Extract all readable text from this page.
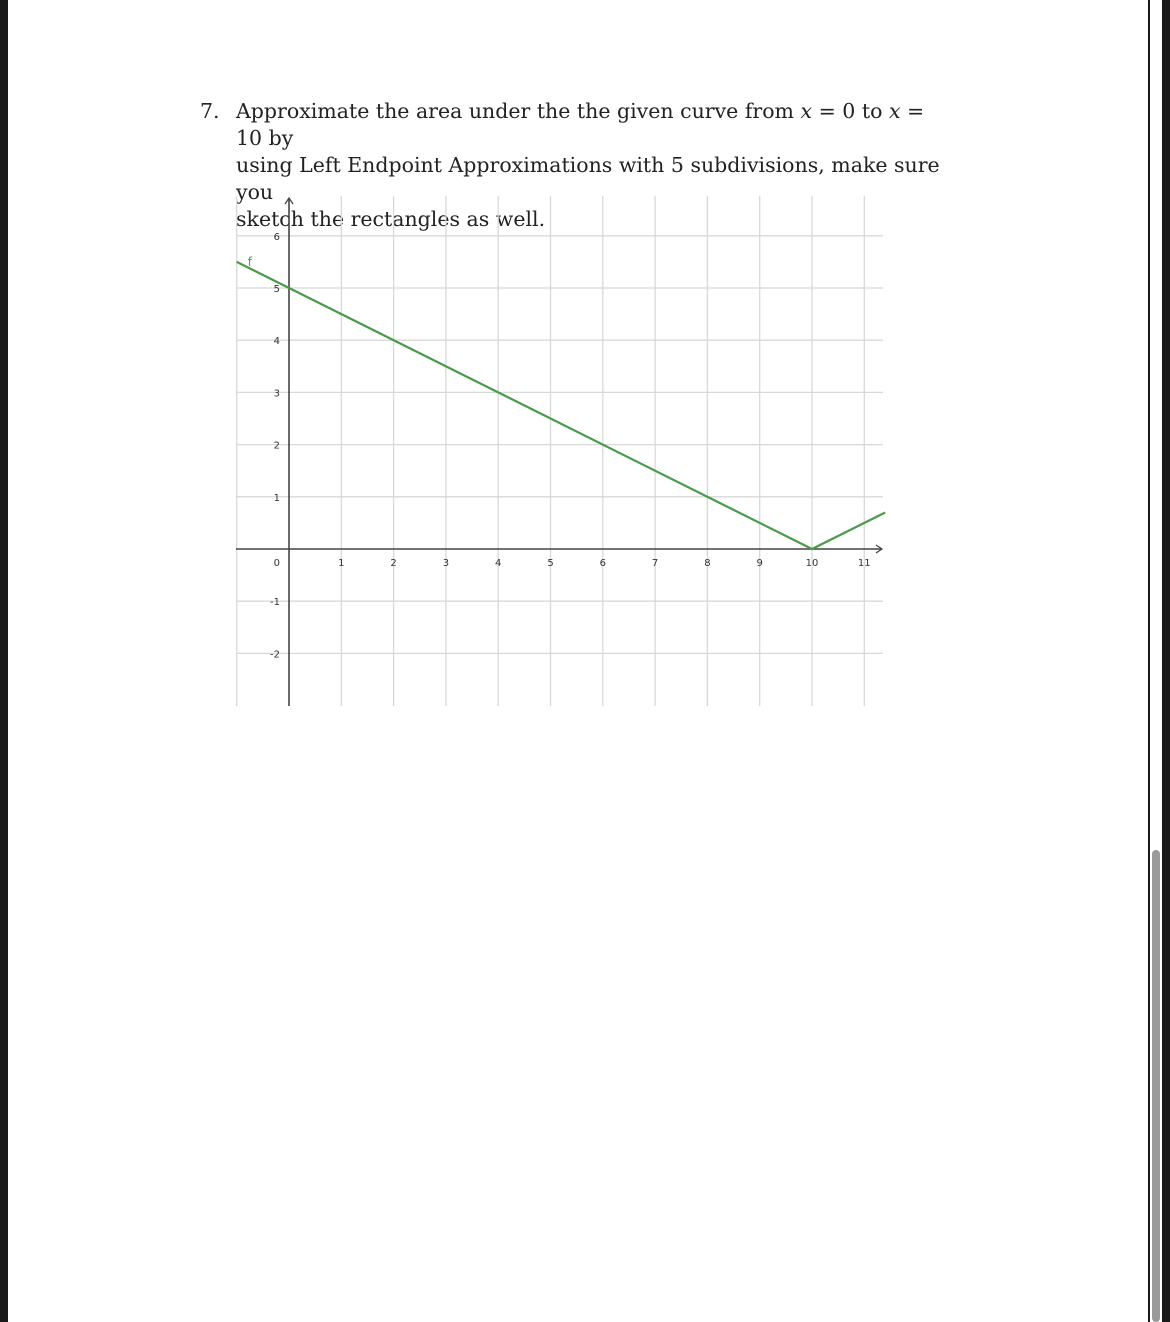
7. Approximate the area under the the given curve from x = 0 to x = 10 by
using Left Endpoint Approximations with 5 subdivisions, make sure you
sketch the rectangles as well.
1	2	3	4	5	6	7	8	9	10	11
6
5
4
3
2
1
0
-1
-2
f
